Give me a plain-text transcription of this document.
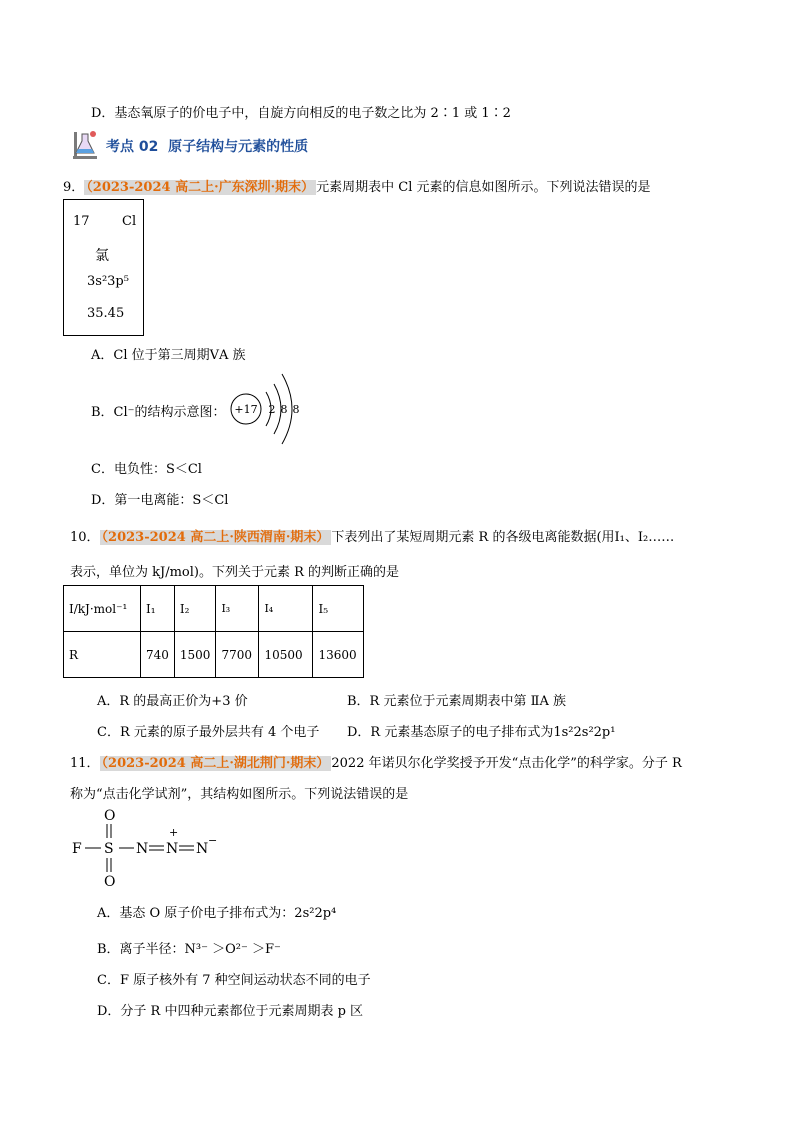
D．基态氧原子的价电子中，自旋方向相反的电子数之比为 2∶1 或 1∶2
考点 02 原子结构与元素的性质
9． （2023-2024 高二上·广东深圳·期末） 元素周期表中 Cl 元素的信息如图所示。下列说法错误的是
17 Cl
氯
3s²3p⁵
35.45
A．Cl 位于第三周期ⅤA 族
B．Cl⁻的结构示意图： +17 2 8 8
C．电负性：S＜Cl
D．第一电离能：S＜Cl
10． （2023-2024 高二上·陕西渭南·期末） 下表列出了某短周期元素 R 的各级电离能数据(用I₁、I₂……
表示，单位为 kJ/mol)。下列关于元素 R 的判断正确的是
I/kJ·mol⁻¹	I₁	I₂	I₃	I₄	I₅
R	740	1500	7700	10500	13600
A．R 的最高正价为+3 价	B．R 元素位于元素周期表中第 ⅡA 族
C．R 元素的原子最外层共有 4 个电子 D．R 元素基态原子的电子排布式为1s²2s²2p¹
11． （2023-2024 高二上·湖北荆门·期末） 2022 年诺贝尔化学奖授予开发“点击化学”的科学家。分子 R
称为“点击化学试剂”，其结构如图所示。下列说法错误的是
F S
O
O
N N
+
N
−
A．基态 O 原子价电子排布式为：2s²2p⁴
B．离子半径：N³⁻ ＞O²⁻ ＞F⁻
C．F 原子核外有 7 种空间运动状态不同的电子
D．分子 R 中四种元素都位于元素周期表 p 区
